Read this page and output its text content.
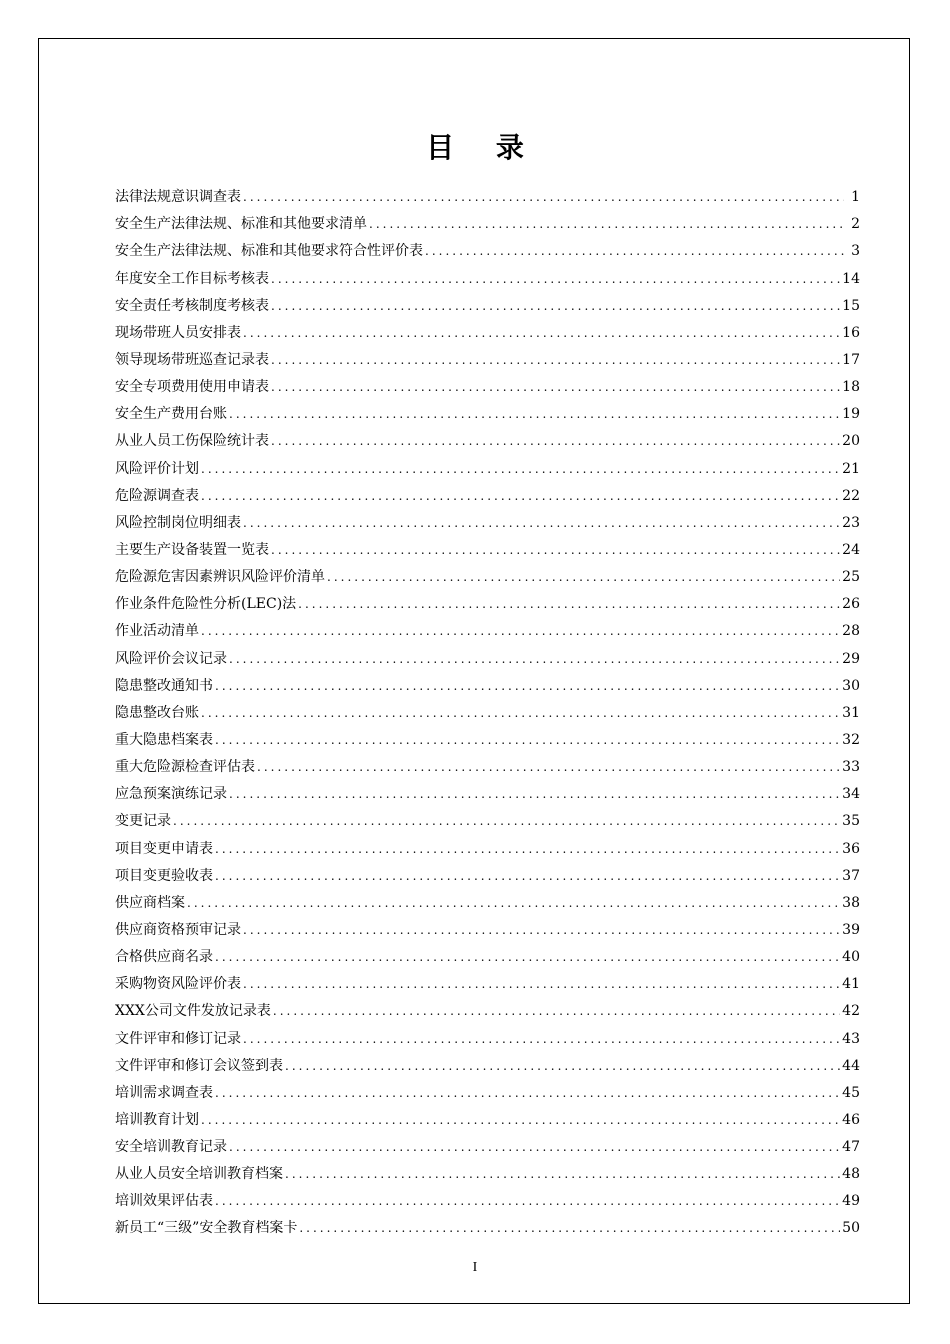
目 录
法律法规意识调查表 .....	1
安全生产法律法规、标准和其他要求清单 .....	2
安全生产法律法规、标准和其他要求符合性评价表 .....	3
年度安全工作目标考核表 .....	14
安全责任考核制度考核表 .....	15
现场带班人员安排表 .....	16
领导现场带班巡查记录表 .....	17
安全专项费用使用申请表 .....	18
安全生产费用台账 .....	19
从业人员工伤保险统计表 .....	20
风险评价计划 .....	21
危险源调查表 .....	22
风险控制岗位明细表 .....	23
主要生产设备装置一览表 .....	24
危险源危害因素辨识风险评价清单 .....	25
作业条件危险性分析(LEC)法 .....	26
作业活动清单 .....	28
风险评价会议记录 .....	29
隐患整改通知书 .....	30
隐患整改台账 .....	31
重大隐患档案表 .....	32
重大危险源检查评估表 .....	33
应急预案演练记录 .....	34
变更记录 .....	35
项目变更申请表 .....	36
项目变更验收表 .....	37
供应商档案 .....	38
供应商资格预审记录 .....	39
合格供应商名录 .....	40
采购物资风险评价表 .....	41
XXX公司文件发放记录表 .....	42
文件评审和修订记录 .....	43
文件评审和修订会议签到表 .....	44
培训需求调查表 .....	45
培训教育计划 .....	46
安全培训教育记录 .....	47
从业人员安全培训教育档案 .....	48
培训效果评估表 .....	49
新员工“三级”安全教育档案卡 .....	50
I
